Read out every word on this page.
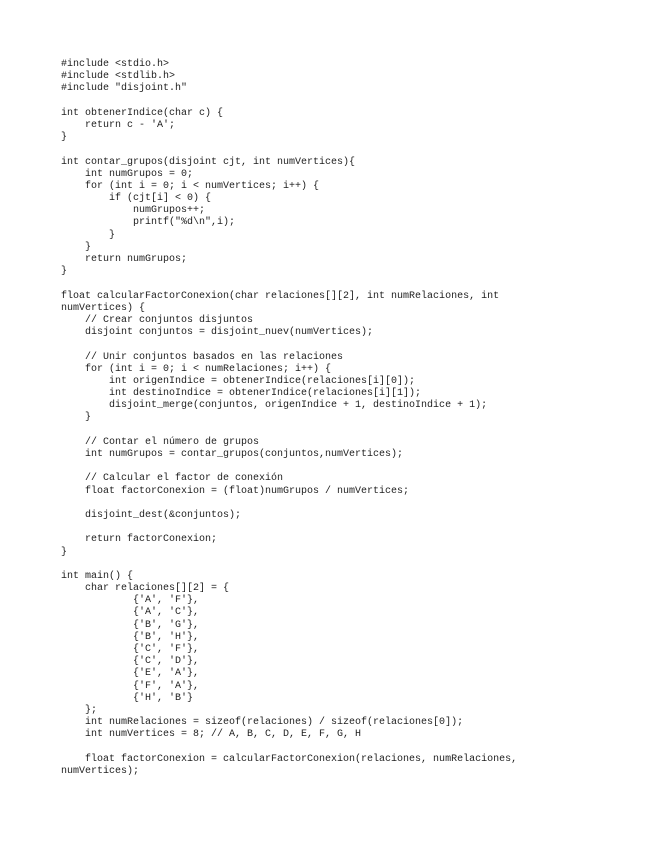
#include <stdio.h>
#include <stdlib.h>
#include "disjoint.h"
int obtenerIndice(char c) {
return c - 'A';
}
int contar_grupos(disjoint cjt, int numVertices){
int numGrupos = 0;
for (int i = 0; i < numVertices; i++) {
if (cjt[i] < 0) {
numGrupos++;
printf("%d\n",i);
}
}
return numGrupos;
}
float calcularFactorConexion(char relaciones[][2], int numRelaciones, int
numVertices) {
// Crear conjuntos disjuntos
disjoint conjuntos = disjoint_nuev(numVertices);
// Unir conjuntos basados en las relaciones
for (int i = 0; i < numRelaciones; i++) {
int origenIndice = obtenerIndice(relaciones[i][0]);
int destinoIndice = obtenerIndice(relaciones[i][1]);
disjoint_merge(conjuntos, origenIndice + 1, destinoIndice + 1);
}
// Contar el número de grupos
int numGrupos = contar_grupos(conjuntos,numVertices);
// Calcular el factor de conexión
float factorConexion = (float)numGrupos / numVertices;
disjoint_dest(&conjuntos);
return factorConexion;
}
int main() {
char relaciones[][2] = {
{'A', 'F'},
{'A', 'C'},
{'B', 'G'},
{'B', 'H'},
{'C', 'F'},
{'C', 'D'},
{'E', 'A'},
{'F', 'A'},
{'H', 'B'}
};
int numRelaciones = sizeof(relaciones) / sizeof(relaciones[0]);
int numVertices = 8; // A, B, C, D, E, F, G, H
float factorConexion = calcularFactorConexion(relaciones, numRelaciones,
numVertices);
